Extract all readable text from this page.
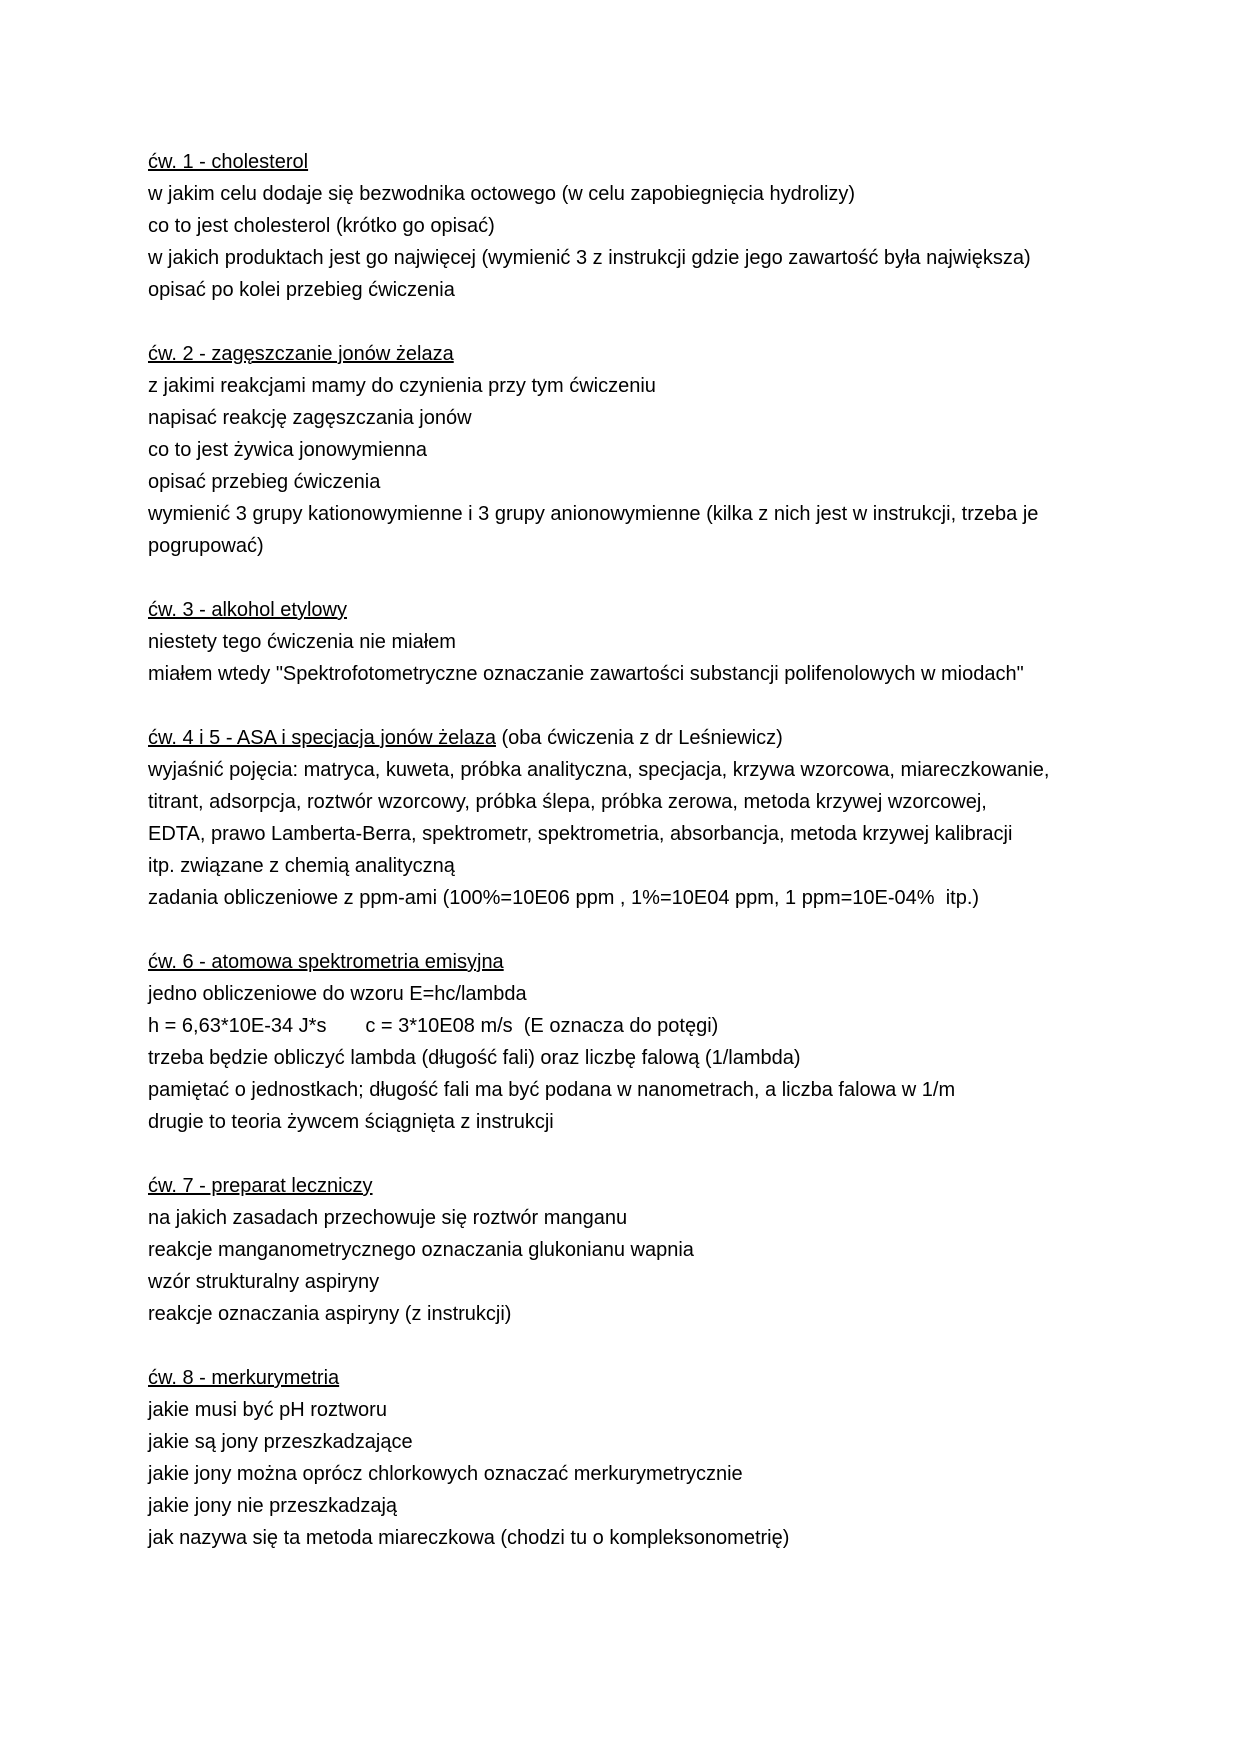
ćw. 1 - cholesterol
w jakim celu dodaje się bezwodnika octowego (w celu zapobiegnięcia hydrolizy)
co to jest cholesterol (krótko go opisać)
w jakich produktach jest go najwięcej (wymienić 3 z instrukcji gdzie jego zawartość była największa)
opisać po kolei przebieg ćwiczenia
ćw. 2 - zagęszczanie jonów żelaza
z jakimi reakcjami mamy do czynienia przy tym ćwiczeniu
napisać reakcję zagęszczania jonów
co to jest żywica jonowymienna
opisać przebieg ćwiczenia
wymienić 3 grupy kationowymienne i 3 grupy anionowymienne (kilka z nich jest w instrukcji, trzeba je
pogrupować)
ćw. 3 - alkohol etylowy
niestety tego ćwiczenia nie miałem
miałem wtedy "Spektrofotometryczne oznaczanie zawartości substancji polifenolowych w miodach"
ćw. 4 i 5 - ASA i specjacja jonów żelaza (oba ćwiczenia z dr Leśniewicz)
wyjaśnić pojęcia: matryca, kuweta, próbka analityczna, specjacja, krzywa wzorcowa, miareczkowanie,
titrant, adsorpcja, roztwór wzorcowy, próbka ślepa, próbka zerowa, metoda krzywej wzorcowej,
EDTA, prawo Lamberta-Berra, spektrometr, spektrometria, absorbancja, metoda krzywej kalibracji
itp. związane z chemią analityczną
zadania obliczeniowe z ppm-ami (100%=10E06 ppm , 1%=10E04 ppm, 1 ppm=10E-04%  itp.)
ćw. 6 - atomowa spektrometria emisyjna
jedno obliczeniowe do wzoru E=hc/lambda
h = 6,63*10E-34 J*s       c = 3*10E08 m/s  (E oznacza do potęgi)
trzeba będzie obliczyć lambda (długość fali) oraz liczbę falową (1/lambda)
pamiętać o jednostkach; długość fali ma być podana w nanometrach, a liczba falowa w 1/m
drugie to teoria żywcem ściągnięta z instrukcji
ćw. 7 - preparat leczniczy
na jakich zasadach przechowuje się roztwór manganu
reakcje manganometrycznego oznaczania glukonianu wapnia
wzór strukturalny aspiryny
reakcje oznaczania aspiryny (z instrukcji)
ćw. 8 - merkurymetria
jakie musi być pH roztworu
jakie są jony przeszkadzające
jakie jony można oprócz chlorkowych oznaczać merkurymetrycznie
jakie jony nie przeszkadzają
jak nazywa się ta metoda miareczkowa (chodzi tu o kompleksonometrię)
